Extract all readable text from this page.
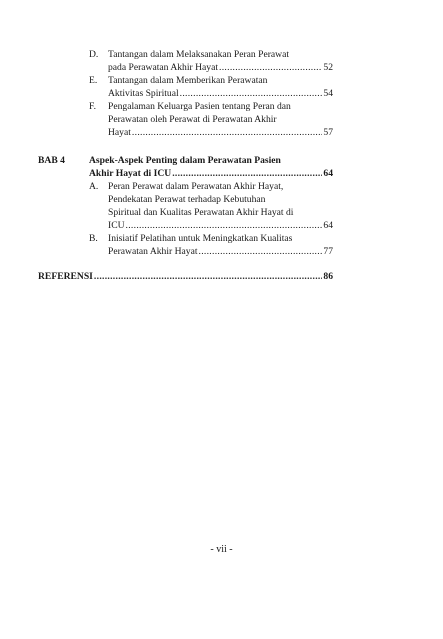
D. Tantangan dalam Melaksanakan Peran Perawat
pada Perawatan Akhir Hayat .....	52
E. Tantangan dalam Memberikan Perawatan
Aktivitas Spiritual .....	54
F. Pengalaman Keluarga Pasien tentang Peran dan
Perawatan oleh Perawat di Perawatan Akhir
Hayat .....	57
BAB 4	Aspek-Aspek Penting dalam Perawatan Pasien
Akhir Hayat di ICU .....	64
A. Peran Perawat dalam Perawatan Akhir Hayat,
Pendekatan Perawat terhadap Kebutuhan
Spiritual dan Kualitas Perawatan Akhir Hayat di
ICU .....	64
B. Inisiatif Pelatihan untuk Meningkatkan Kualitas
Perawatan Akhir Hayat .....	77
REFERENSI .....	86
- vii -
